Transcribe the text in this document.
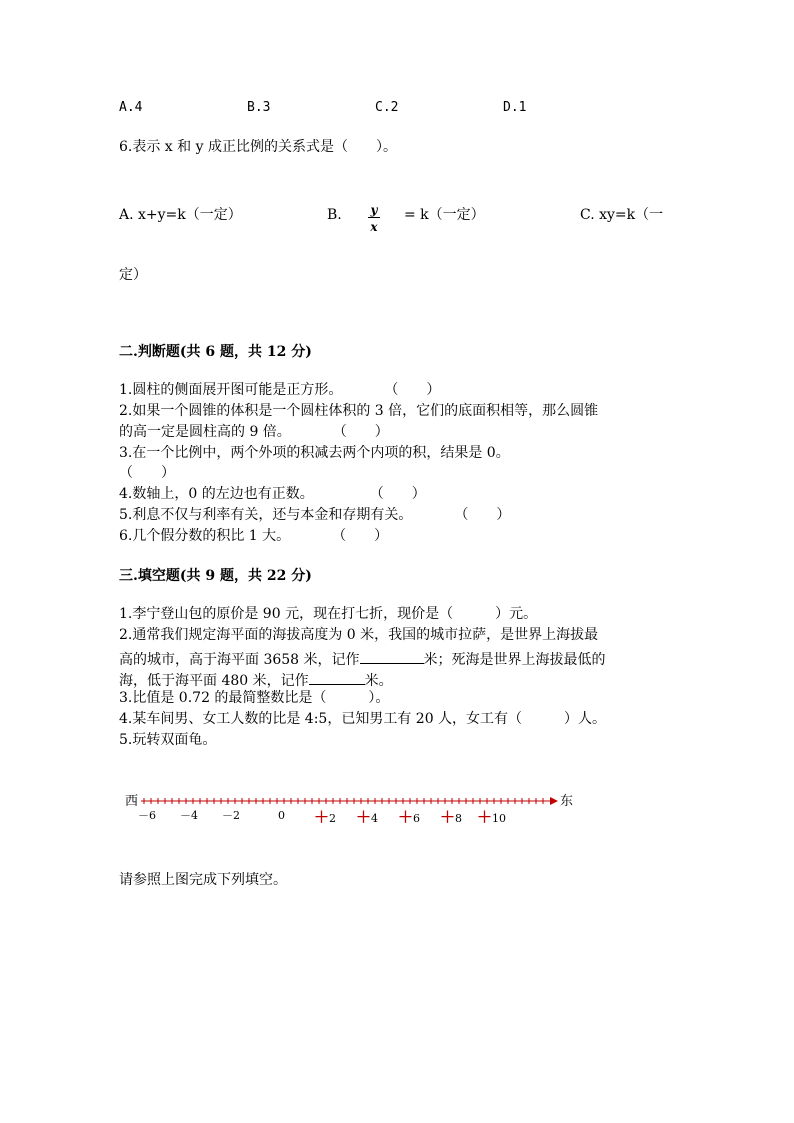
A.4	B.3	C.2	D.1
6.表示 x 和 y 成正比例的关系式是（　　）。
A. x+y=k（一定）	B. y
x
= k（一定）	C. xy=k（一
定）
二.判断题(共 6 题，共 12 分)
1.圆柱的侧面展开图可能是正方形。　　　　（　　）
2.如果一个圆锥的体积是一个圆柱体积的 3 倍，它们的底面积相等，那么圆锥
的高一定是圆柱高的 9 倍。　　　　（　　）
3.在一个比例中，两个外项的积减去两个内项的积，结果是 0。
（　　）
4.数轴上，0 的左边也有正数。　　　　　（　　）
5.利息不仅与利率有关，还与本金和存期有关。　　　　（　　）
6.几个假分数的积比 1 大。　　　　（　　）
三.填空题(共 9 题，共 22 分)
1.李宁登山包的原价是 90 元，现在打七折，现价是（　　　）元。
2.通常我们规定海平面的海拔高度为 0 米，我国的城市拉萨，是世界上海拔最
高的城市，高于海平面 3658 米，记作	米；死海是世界上海拔最低的
海，低于海平面 480 米，记作	米。
3.比值是 0.72 的最简整数比是（　　　）。
4.某车间男、女工人数的比是 4:5，已知男工有 20 人，女工有（　　　）人。
5.玩转双面龟。
西	东
－6 －4 －2	0 ＋2 ＋4 ＋6 ＋8 ＋10
请参照上图完成下列填空。
